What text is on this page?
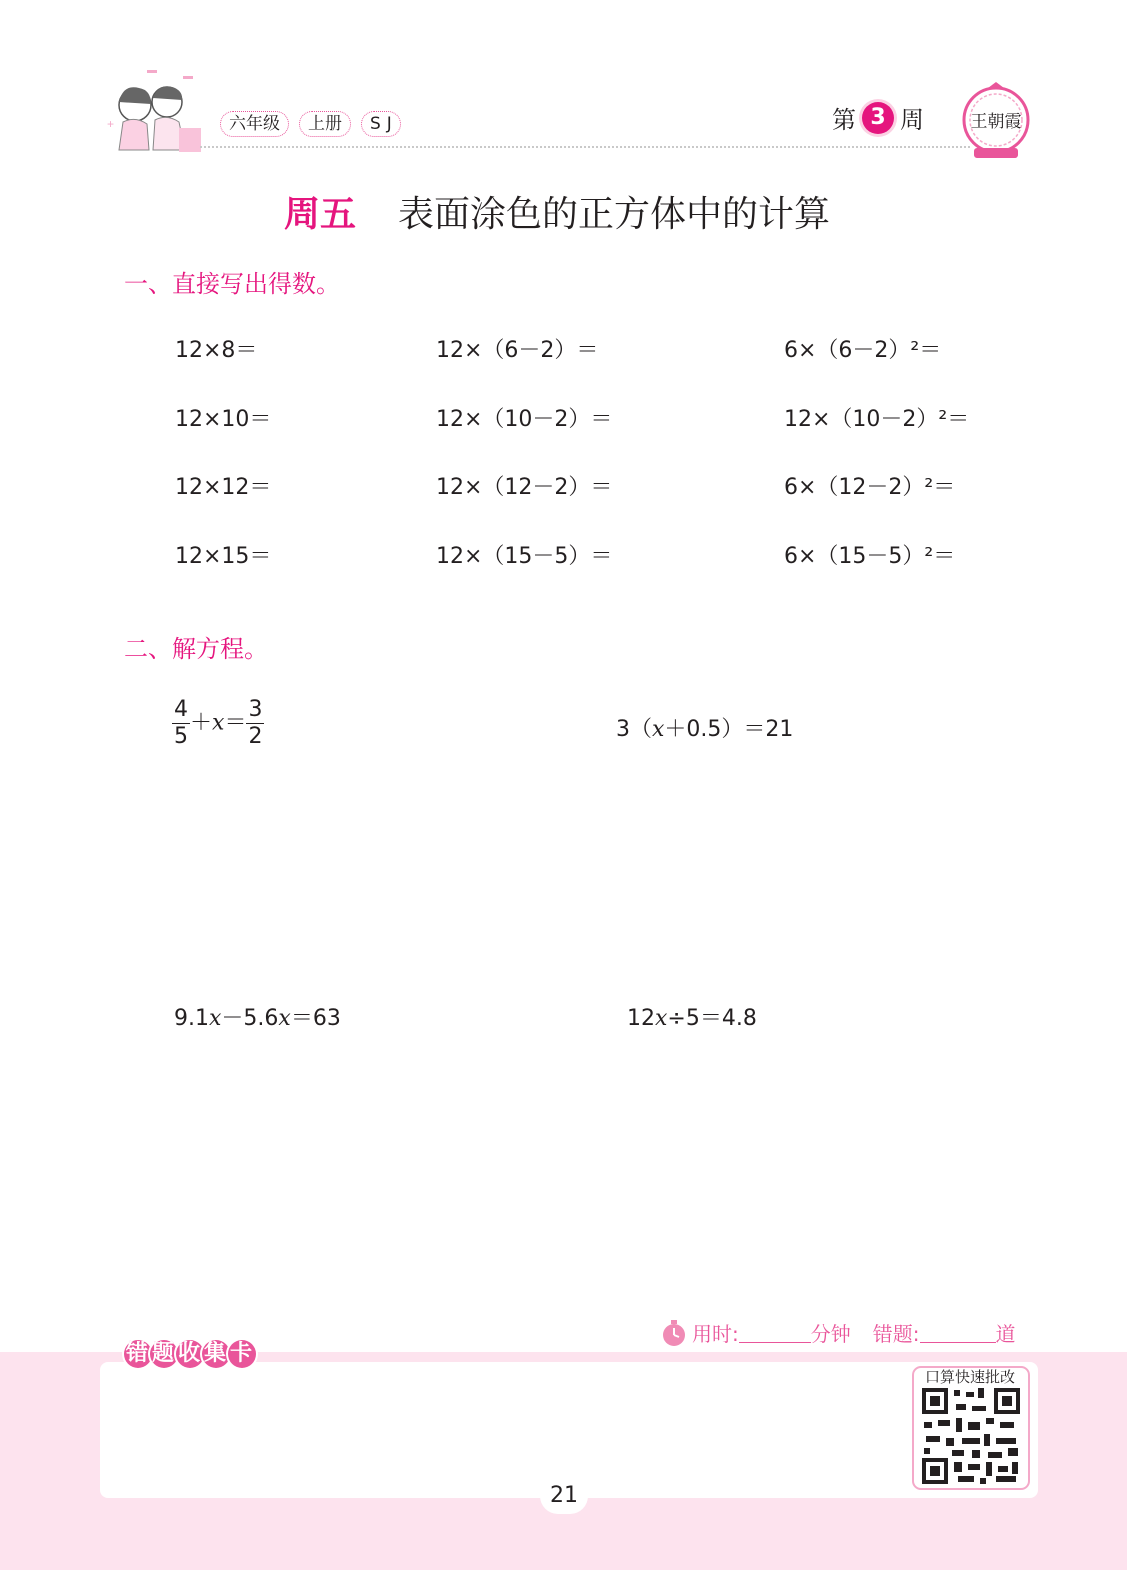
+	六年级	上册	SJ	第 3 周	王朝霞
周五 表面涂色的正方体中的计算
一、直接写出得数。
12×8＝	12×（6－2）＝	6×（6－2）²＝
12×10＝	12×（10－2）＝	12×（10－2）²＝
12×12＝	12×（12－2）＝	6×（12－2）²＝
12×15＝	12×（15－5）＝	6×（15－5）²＝
二、解方程。
$\frac{4}{5} +x= \frac{3}{2}$	3（x＋0.5）＝21
9.1x－5.6x＝63	12x÷5＝4.8
用时:	分钟 错题:	道
错题收集卡
口算快速批改
21
